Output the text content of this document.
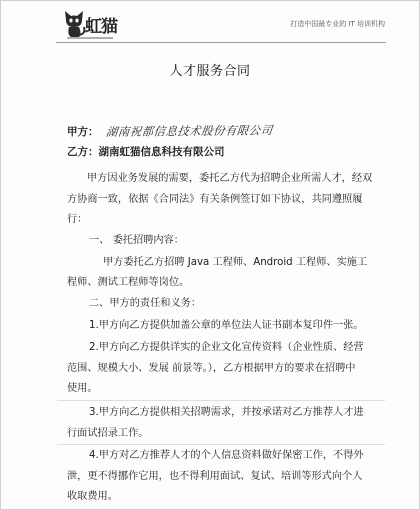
虹猫	打造中国最专业的 IT 培训机构
人才服务合同
甲方： 湖南祝都信息技术股份有限公司
乙方：湖南虹猫信息科技有限公司
甲方因业务发展的需要，委托乙方代为招聘企业所需人才，经双
方协商一致，依据《合同法》有关条例签订如下协议，共同遵照履
行：
一、 委托招聘内容：
甲方委托乙方招聘 Java 工程师、Android 工程师、实施工
程师、测试工程师等岗位。
二、甲方的责任和义务：
1.甲方向乙方提供加盖公章的单位法人证书副本复印件一张。
2.甲方向乙方提供详实的企业文化宣传资料（企业性质、经营
范围、规模大小、发展 前景等。），乙方根据甲方的要求在招聘中
使用。
3.甲方向乙方提供相关招聘需求，并按承诺对乙方推荐人才进
行面试招录工作。
4.甲方对乙方推荐人才的个人信息资料做好保密工作，不得外
泄，更不得挪作它用，也不得利用面试、复试、培训等形式向个人
收取费用。
